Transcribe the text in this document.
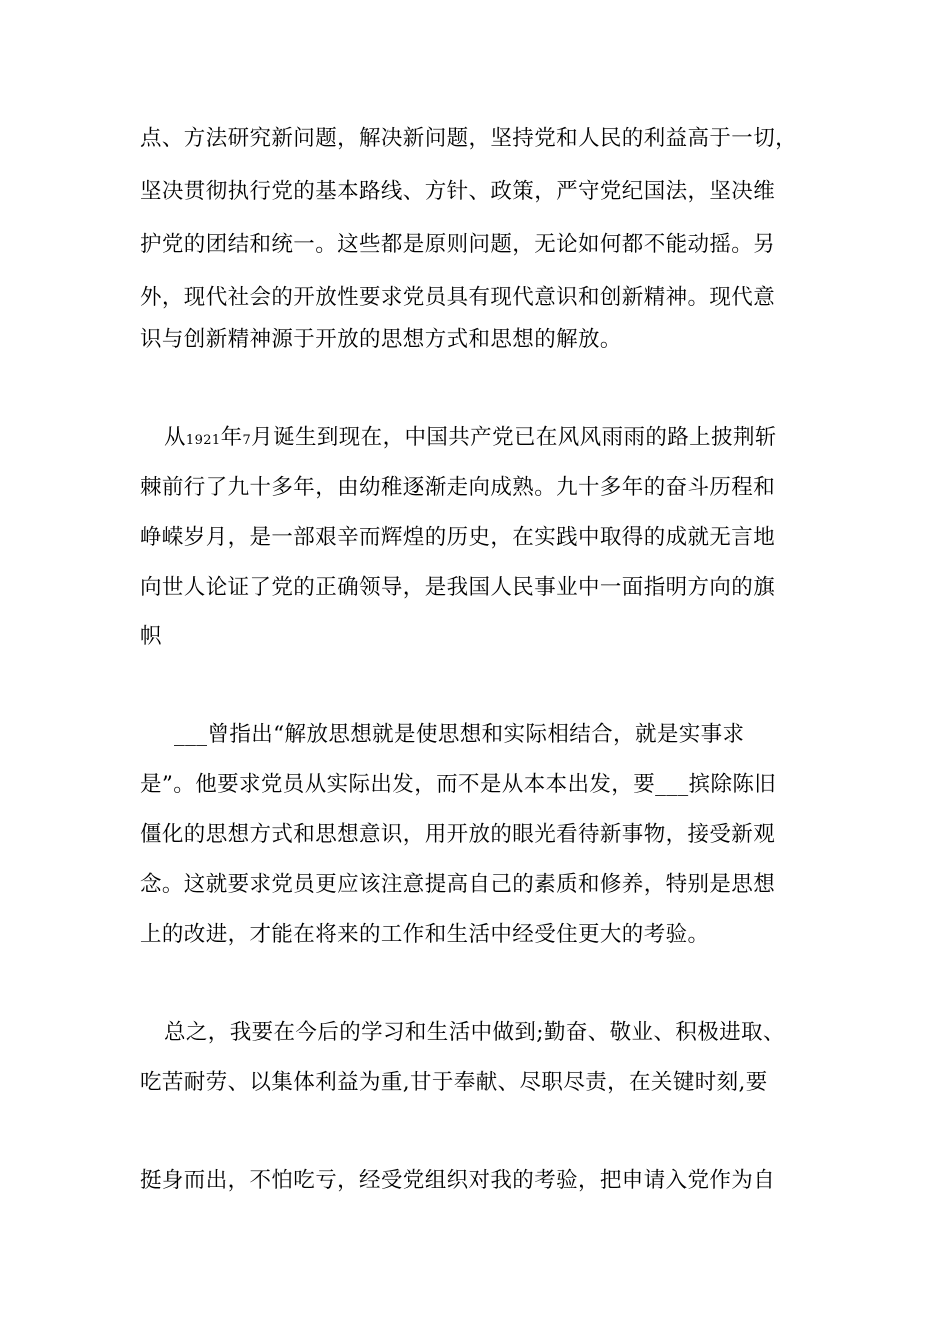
点、方法研究新问题，解决新问题，坚持党和人民的利益高于一切，
坚决贯彻执行党的基本路线、方针、政策，严守党纪国法，坚决维
护党的团结和统一。这些都是原则问题，无论如何都不能动摇。另
外，现代社会的开放性要求党员具有现代意识和创新精神。现代意
识与创新精神源于开放的思想方式和思想的解放。
从1921年7月诞生到现在，中国共产党已在风风雨雨的路上披荆斩
棘前行了九十多年，由幼稚逐渐走向成熟。九十多年的奋斗历程和
峥嵘岁月，是一部艰辛而辉煌的历史，在实践中取得的成就无言地
向世人论证了党的正确领导，是我国人民事业中一面指明方向的旗
帜
___曾指出“解放思想就是使思想和实际相结合，就是实事求
是”。他要求党员从实际出发，而不是从本本出发，要___摈除陈旧
僵化的思想方式和思想意识，用开放的眼光看待新事物，接受新观
念。这就要求党员更应该注意提高自己的素质和修养，特别是思想
上的改进，才能在将来的工作和生活中经受住更大的考验。
总之，我要在今后的学习和生活中做到;勤奋、敬业、积极进取、
吃苦耐劳、以集体利益为重,甘于奉献、尽职尽责，在关键时刻,要
挺身而出，不怕吃亏，经受党组织对我的考验，把申请入党作为自
